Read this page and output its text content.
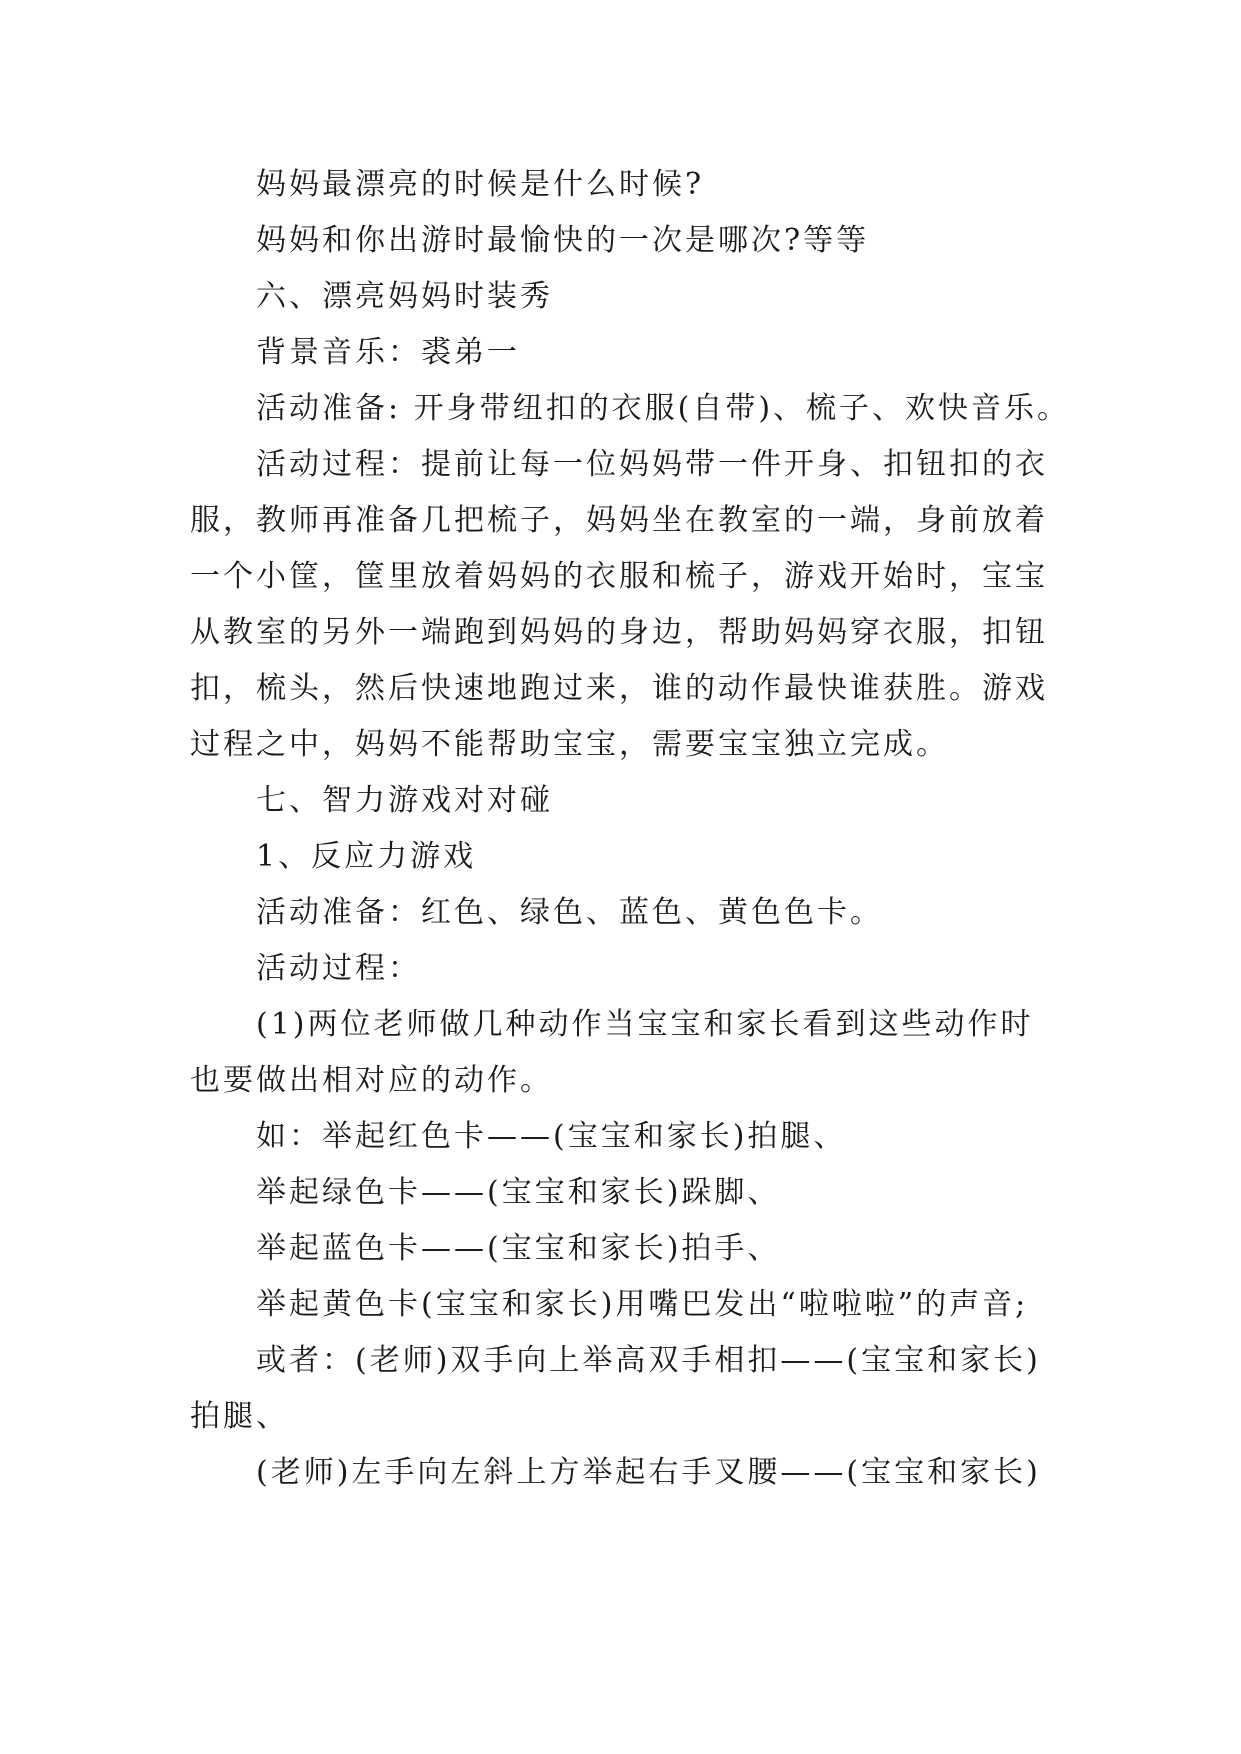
妈妈最漂亮的时候是什么时候?

妈妈和你出游时最愉快的一次是哪次?等等

六、漂亮妈妈时装秀

背景音乐：裘弟一

活动准备: 开身带纽扣的衣服(自带)、梳子、欢快音乐。

活动过程：提前让每一位妈妈带一件开身、扣钮扣的衣

服，教师再准备几把梳子，妈妈坐在教室的一端，身前放着

一个小筐，筐里放着妈妈的衣服和梳子，游戏开始时，宝宝

从教室的另外一端跑到妈妈的身边，帮助妈妈穿衣服，扣钮

扣，梳头，然后快速地跑过来，谁的动作最快谁获胜。游戏

过程之中，妈妈不能帮助宝宝，需要宝宝独立完成。

七、智力游戏对对碰

1、反应力游戏

活动准备：红色、绿色、蓝色、黄色色卡。

活动过程：

(1)两位老师做几种动作当宝宝和家长看到这些动作时

也要做出相对应的动作。

如：举起红色卡——(宝宝和家长)拍腿、

举起绿色卡——(宝宝和家长)跺脚、

举起蓝色卡——(宝宝和家长)拍手、

举起黄色卡(宝宝和家长)用嘴巴发出“啦啦啦”的声音;

或者：(老师)双手向上举高双手相扣——(宝宝和家长)

拍腿、

(老师)左手向左斜上方举起右手叉腰——(宝宝和家长)
